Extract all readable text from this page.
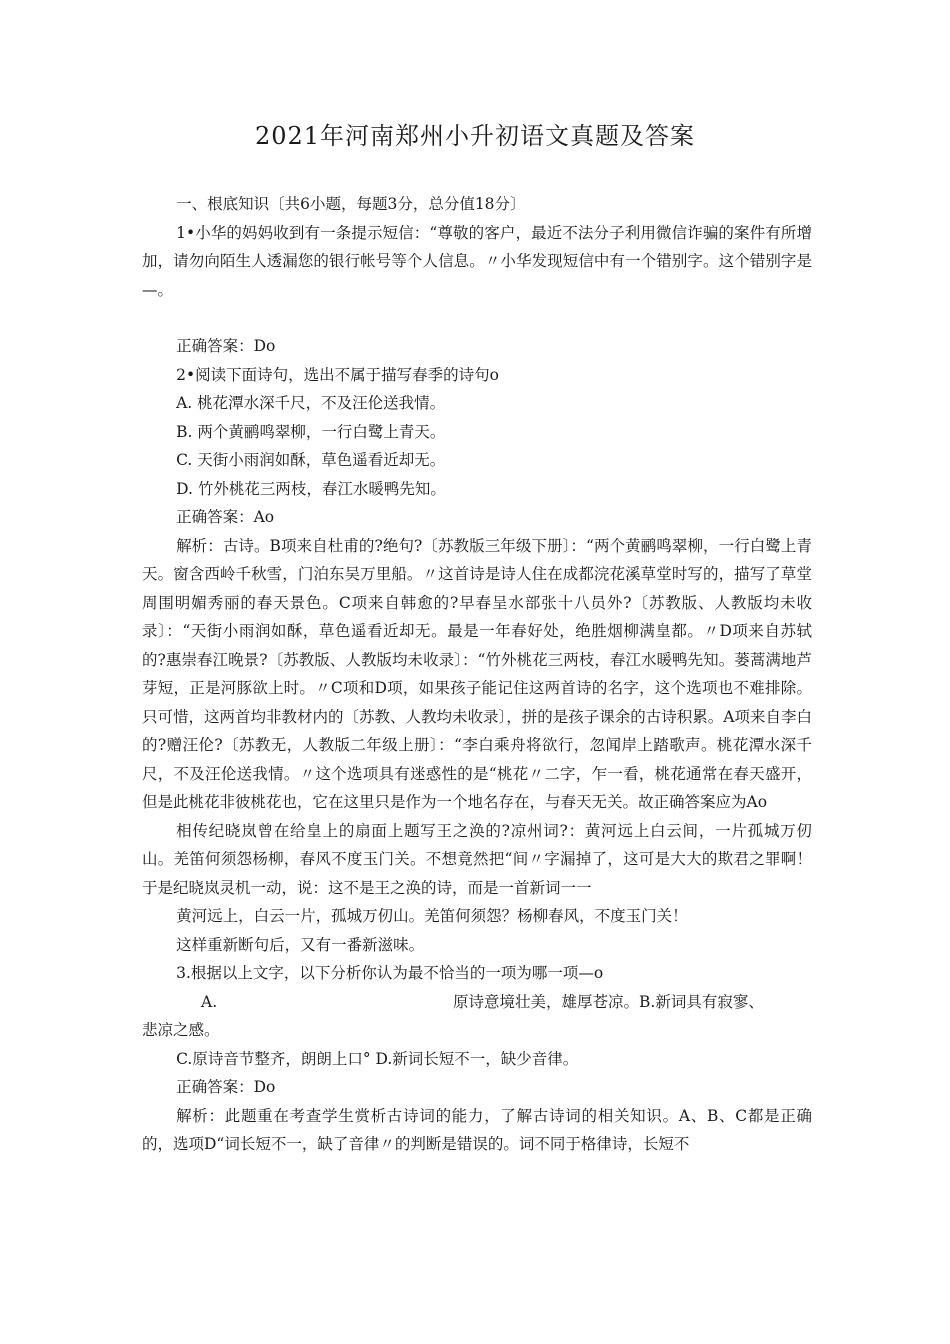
2021年河南郑州小升初语文真题及答案

一、根底知识〔共6小题，每题3分，总分值18分〕

1•小华的妈妈收到有一条提示短信：“尊敬的客户，最近不法分子利用微信诈骗的案件有所增加，请勿向陌生人透漏您的银行帐号等个人信息。〃小华发现短信中有一个错别字。这个错别字是—。

正确答案：Do

2•阅读下面诗句，选出不属于描写春季的诗句o

A. 桃花潭水深千尺，不及汪伦送我情。

B. 两个黄鹂鸣翠柳，一行白鹭上青天。

C. 天街小雨润如酥，草色遥看近却无。

D. 竹外桃花三两枝，春江水暖鸭先知。

正确答案：Ao

解析：古诗。B项来自杜甫的?绝句?〔苏教版三年级下册〕：“两个黄鹂鸣翠柳，一行白鹭上青天。窗含西岭千秋雪，门泊东吴万里船。〃这首诗是诗人住在成都浣花溪草堂时写的，描写了草堂周围明媚秀丽的春天景色。C项来自韩愈的?早春呈水部张十八员外?〔苏教版、人教版均未收录〕：“天街小雨润如酥，草色遥看近却无。最是一年春好处，绝胜烟柳满皇都。〃D项来自苏轼的?惠崇春江晚景?〔苏教版、人教版均未收录〕：“竹外桃花三两枝，春江水暖鸭先知。蒌蒿满地芦芽短，正是河豚欲上时。〃C项和D项，如果孩子能记住这两首诗的名字，这个选项也不难排除。只可惜，这两首均非教材内的〔苏教、人教均未收录〕，拼的是孩子课余的古诗积累。A项来自李白的?赠汪伦?〔苏教无，人教版二年级上册〕：“李白乘舟将欲行，忽闻岸上踏歌声。桃花潭水深千尺，不及汪伦送我情。〃这个选项具有迷惑性的是“桃花〃二字，乍一看，桃花通常在春天盛开，但是此桃花非彼桃花也，它在这里只是作为一个地名存在，与春天无关。故正确答案应为Ao

相传纪晓岚曾在给皇上的扇面上题写王之涣的?凉州词?：黄河远上白云间，一片孤城万仞山。羌笛何须怨杨柳，春风不度玉门关。不想竟然把“间〃字漏掉了，这可是大大的欺君之罪啊！于是纪晓岚灵机一动，说：这不是王之涣的诗，而是一首新词一一

黄河远上，白云一片，孤城万仞山。羌笛何须怨？杨柳春风，不度玉门关！

这样重新断句后，又有一番新滋味。

3.根据以上文字，以下分析你认为最不恰当的一项为哪一项—o

A.	原诗意境壮美，雄厚苍凉。B.新词具有寂寥、

悲凉之感。

C.原诗音节整齐，朗朗上口° D.新词长短不一，缺少音律。

正确答案：Do

解析：此题重在考查学生赏析古诗词的能力，了解古诗词的相关知识。A、B、C都是正确的，选项D“词长短不一，缺了音律〃的判断是错误的。词不同于格律诗，长短不
